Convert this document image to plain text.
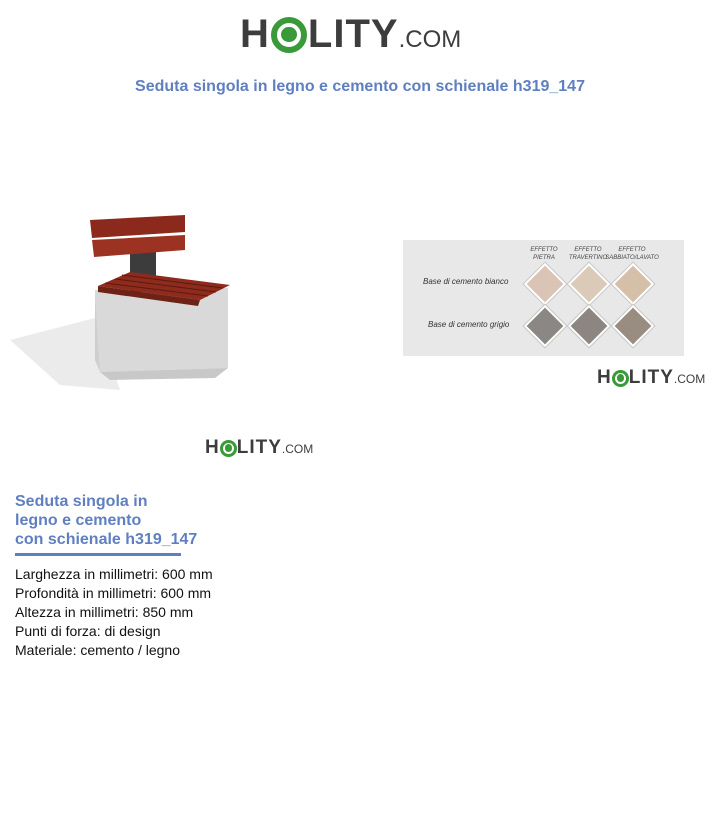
H LITY .COM
Seduta singola in legno e cemento con schienale h319_147
H LITY .COM
EFFETTO
PIETRA
EFFETTO
TRAVERTINO
EFFETTO
SABBIATO/LAVATO
Base di cemento bianco
Base di cemento grigio
H LITY .COM
Seduta singola in
legno e cemento
con schienale h319_147
Larghezza in millimetri: 600 mm
Profondità in millimetri: 600 mm
Altezza in millimetri: 850 mm
Punti di forza: di design
Materiale: cemento / legno
